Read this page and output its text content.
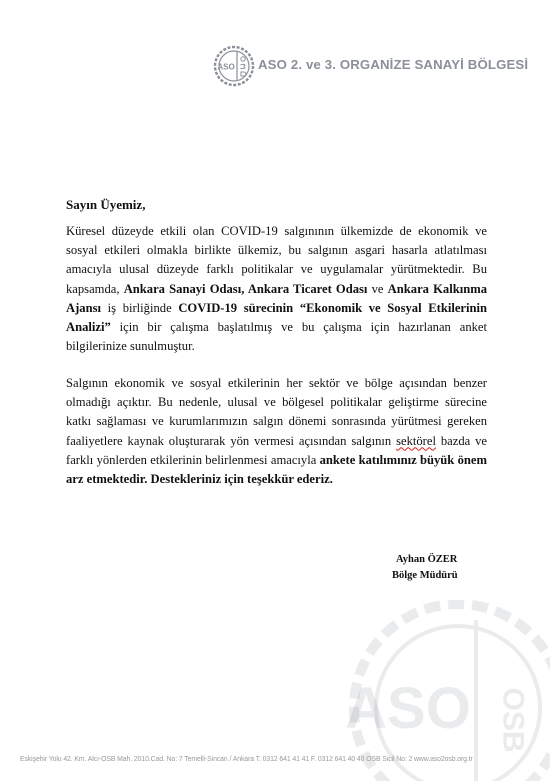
ASO ASO 2. ve 3. ORGANİZE SANAYİ BÖLGESİ
Sayın Üyemiz,

Küresel düzeyde etkili olan COVID-19 salgınının ülkemizde de ekonomik ve sosyal etkileri olmakla birlikte ülkemiz, bu salgının asgari hasarla atlatılması amacıyla ulusal düzeyde farklı politikalar ve uygulamalar yürütmektedir. Bu kapsamda, Ankara Sanayi Odası, Ankara Ticaret Odası ve Ankara Kalkınma Ajansı iş birliğinde COVID-19 sürecinin “Ekonomik ve Sosyal Etkilerinin Analizi” için bir çalışma başlatılmış ve bu çalışma için hazırlanan anket bilgilerinize sunulmuştur.

Salgının ekonomik ve sosyal etkilerinin her sektör ve bölge açısından benzer olmadığı açıktır. Bu nedenle, ulusal ve bölgesel politikalar geliştirme sürecine katkı sağlaması ve kurumlarımızın salgın dönemi sonrasında yürütmesi gereken faaliyetlere kaynak oluşturarak yön vermesi açısından salgının sektörel bazda ve farklı yönlerden etkilerinin belirlenmesi amacıyla ankete katılımınız büyük önem arz etmektedir. Destekleriniz için teşekkür ederiz.

Ayhan ÖZER
Bölge Müdürü
ASO OSB
Eskişehir Yolu 42. Km. Alcı-OSB Mah. 2010.Cad. No: 7 Temelli-Sincan / Ankara T. 0312 641 41 41 F. 0312 641 40 40 OSB Sicil No: 2 www.aso2osb.org.tr
